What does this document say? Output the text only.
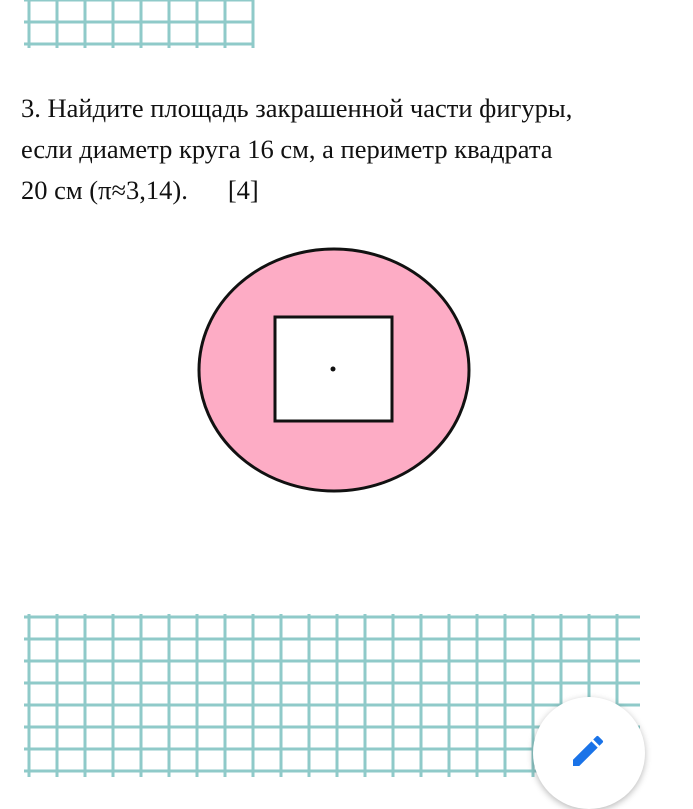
3. Найдите площадь закрашенной части фигуры,
если диаметр круга 16 см, а периметр квадрата
20 см (π≈3,14). [4]
